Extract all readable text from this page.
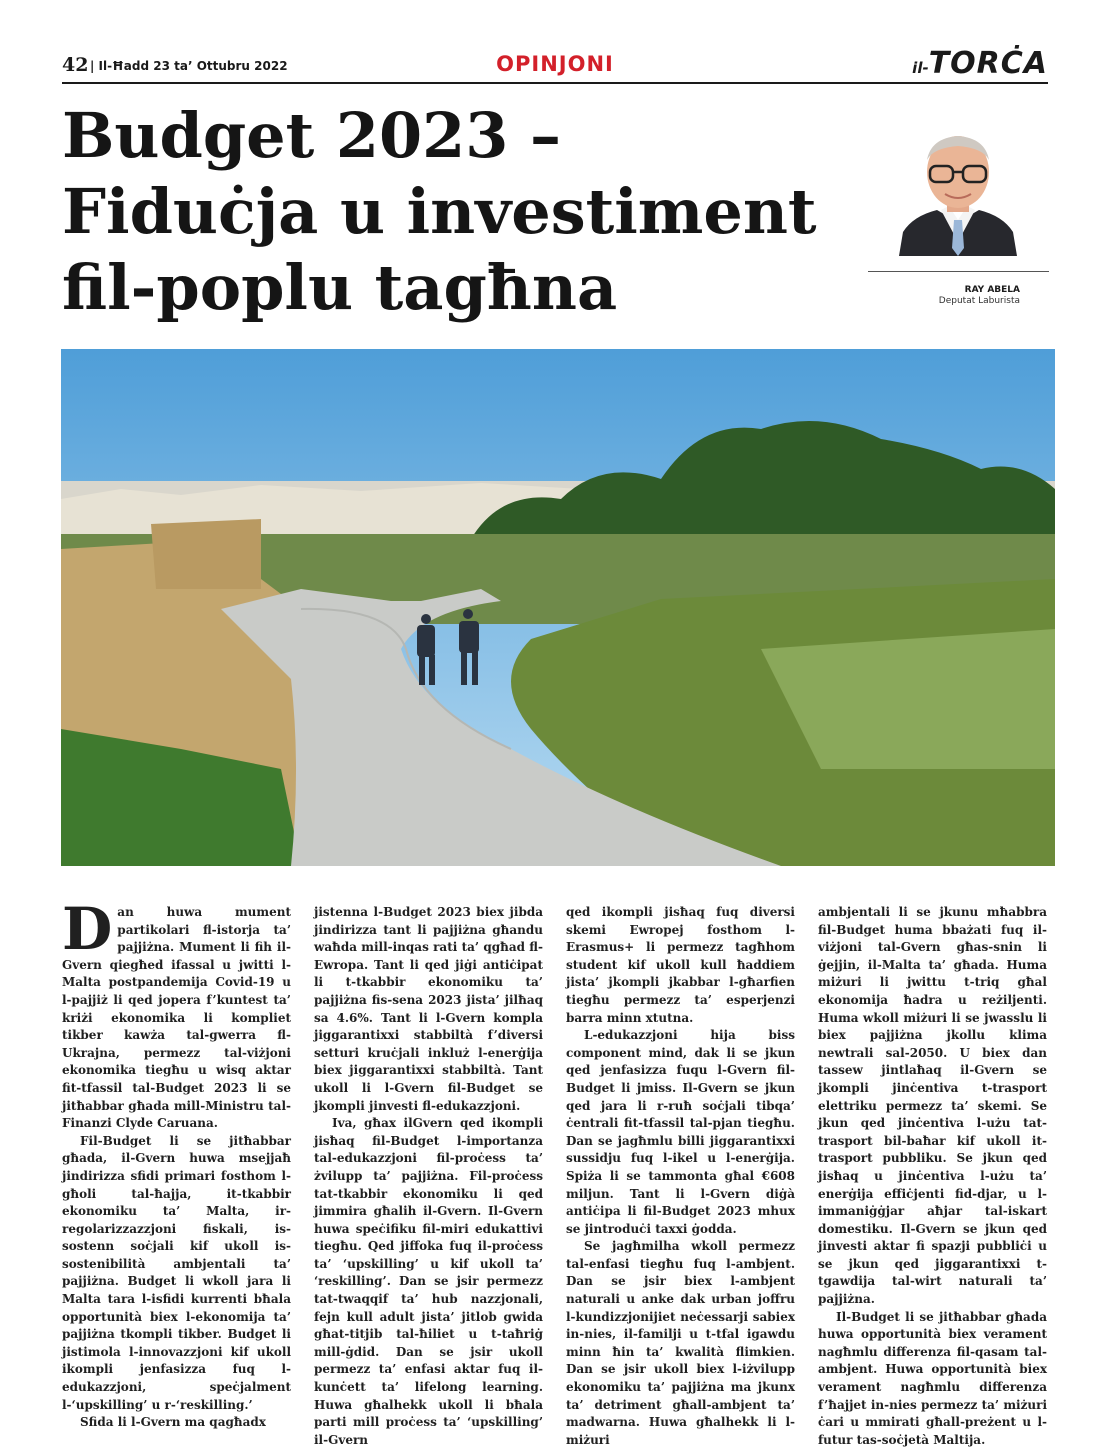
42 | Il-Ħadd 23 ta’ Ottubru 2022	OPINJONI	il-TORĊA
Budget 2023 – Fiduċja u investiment fil-poplu tagħna	RAY ABELA
Deputat Laburista

Dan huwa mument partikolari fl-istorja ta’ pajjiżna. Mument li fih il-Gvern qiegħed ifassal u jwitti l-Malta postpandemija Covid-19 u l-pajjiż li qed jopera f’kuntest ta’ kriżi ekonomika li kompliet tikber kawża tal-gwerra fl-Ukrajna, permezz tal-viżjoni ekonomika tiegħu u wisq aktar fit-tfassil tal-Budget 2023 li se jitħabbar għada mill-Ministru tal-Finanzi Clyde Caruana.

Fil-Budget li se jitħabbar għada, il-Gvern huwa msejjaħ jindirizza sfidi primari fosthom l-għoli tal-ħajja, it-tkabbir ekonomiku ta’ Malta, ir-regolarizzazzjoni fiskali, is-sostenn soċjali kif ukoll is-sostenibilità ambjentali ta’ pajjiżna. Budget li wkoll jara li Malta tara l-isfidi kurrenti bħala opportunità biex l-ekonomija ta’ pajjiżna tkompli tikber. Budget li jistimola l-innovazzjoni kif ukoll ikompli jenfasizza fuq l-edukazzjoni, speċjalment l-‘upskilling’ u r-‘reskilling.’

Sfida li l-Gvern ma qagħadx

jistenna l-Budget 2023 biex jibda jindirizza tant li pajjiżna għandu waħda mill-inqas rati ta’ qgħad fl-Ewropa. Tant li qed jiġi antiċipat li t-tkabbir ekonomiku ta’ pajjiżna fis-sena 2023 jista’ jilħaq sa 4.6%. Tant li l-Gvern kompla jiggarantixxi stabbiltà f’diversi setturi kruċjali inkluż l-enerġija biex jiggarantixxi stabbiltà. Tant ukoll li l-Gvern fil-Budget se jkompli jinvesti fl-edukazzjoni.

Iva, għax ilGvern qed ikompli jisħaq fil-Budget l-importanza tal-edukazzjoni fil-proċess ta’ żvilupp ta’ pajjiżna. Fil-proċess tat-tkabbir ekonomiku li qed jimmira għalih il-Gvern. Il-Gvern huwa speċifiku fil-miri edukattivi tiegħu. Qed jiffoka fuq il-proċess ta’ ‘upskilling’ u kif ukoll ta’ ‘reskilling’. Dan se jsir permezz tat-twaqqif ta’ hub nazzjonali, fejn kull adult jista’ jitlob gwida għat-titjib tal-ħiliet u t-taħriġ mill-ġdid. Dan se jsir ukoll permezz ta’ enfasi aktar fuq il-kunċett ta’ lifelong learning. Huwa għalhekk ukoll li bħala parti mill proċess ta’ ‘upskilling’ il-Gvern

qed ikompli jisħaq fuq diversi skemi Ewropej fosthom l-Erasmus+ li permezz tagħhom student kif ukoll kull ħaddiem jista’ jkompli jkabbar l-għarfien tiegħu permezz ta’ esperjenzi barra minn xtutna.

L-edukazzjoni hija biss component mind, dak li se jkun qed jenfasizza fuqu l-Gvern fil-Budget li jmiss. Il-Gvern se jkun qed jara li r-ruħ soċjali tibqa’ ċentrali fit-tfassil tal-pjan tiegħu. Dan se jagħmlu billi jiggarantixxi sussidju fuq l-ikel u l-enerġija. Spiża li se tammonta għal €608 miljun. Tant li l-Gvern diġà antiċipa li fil-Budget 2023 mhux se jintroduċi taxxi ġodda.

Se jagħmilha wkoll permezz tal-enfasi tiegħu fuq l-ambjent. Dan se jsir biex l-ambjent naturali u anke dak urban joffru l-kundizzjonijiet neċessarji sabiex in-nies, il-familji u t-tfal igawdu minn ħin ta’ kwalità flimkien. Dan se jsir ukoll biex l-iżvilupp ekonomiku ta’ pajjiżna ma jkunx ta’ detriment għall-ambjent ta’ madwarna. Huwa għalhekk li l-miżuri

ambjentali li se jkunu mħabbra fil-Budget huma bbażati fuq il-viżjoni tal-Gvern għas-snin li ġejjin, il-Malta ta’ għada. Huma miżuri li jwittu t-triq għal ekonomija ħadra u reżiljenti. Huma wkoll miżuri li se jwasslu li biex pajjiżna jkollu klima newtrali sal-2050. U biex dan tassew jintlaħaq il-Gvern se jkompli jinċentiva t-trasport elettriku permezz ta’ skemi. Se jkun qed jinċentiva l-użu tat-trasport bil-baħar kif ukoll it-trasport pubbliku. Se jkun qed jisħaq u jinċentiva l-użu ta’ enerġija effiċjenti fid-djar, u l-immaniġġjar aħjar tal-iskart domestiku. Il-Gvern se jkun qed jinvesti aktar fi spazji pubbliċi u se jkun qed jiggarantixxi t-tgawdija tal-wirt naturali ta’ pajjiżna.

Il-Budget li se jitħabbar għada huwa opportunità biex verament nagħmlu differenza fil-qasam tal-ambjent. Huwa opportunità biex verament nagħmlu differenza f’ħajjet in-nies permezz ta’ miżuri ċari u mmirati għall-preżent u l-futur tas-soċjetà Maltija.
